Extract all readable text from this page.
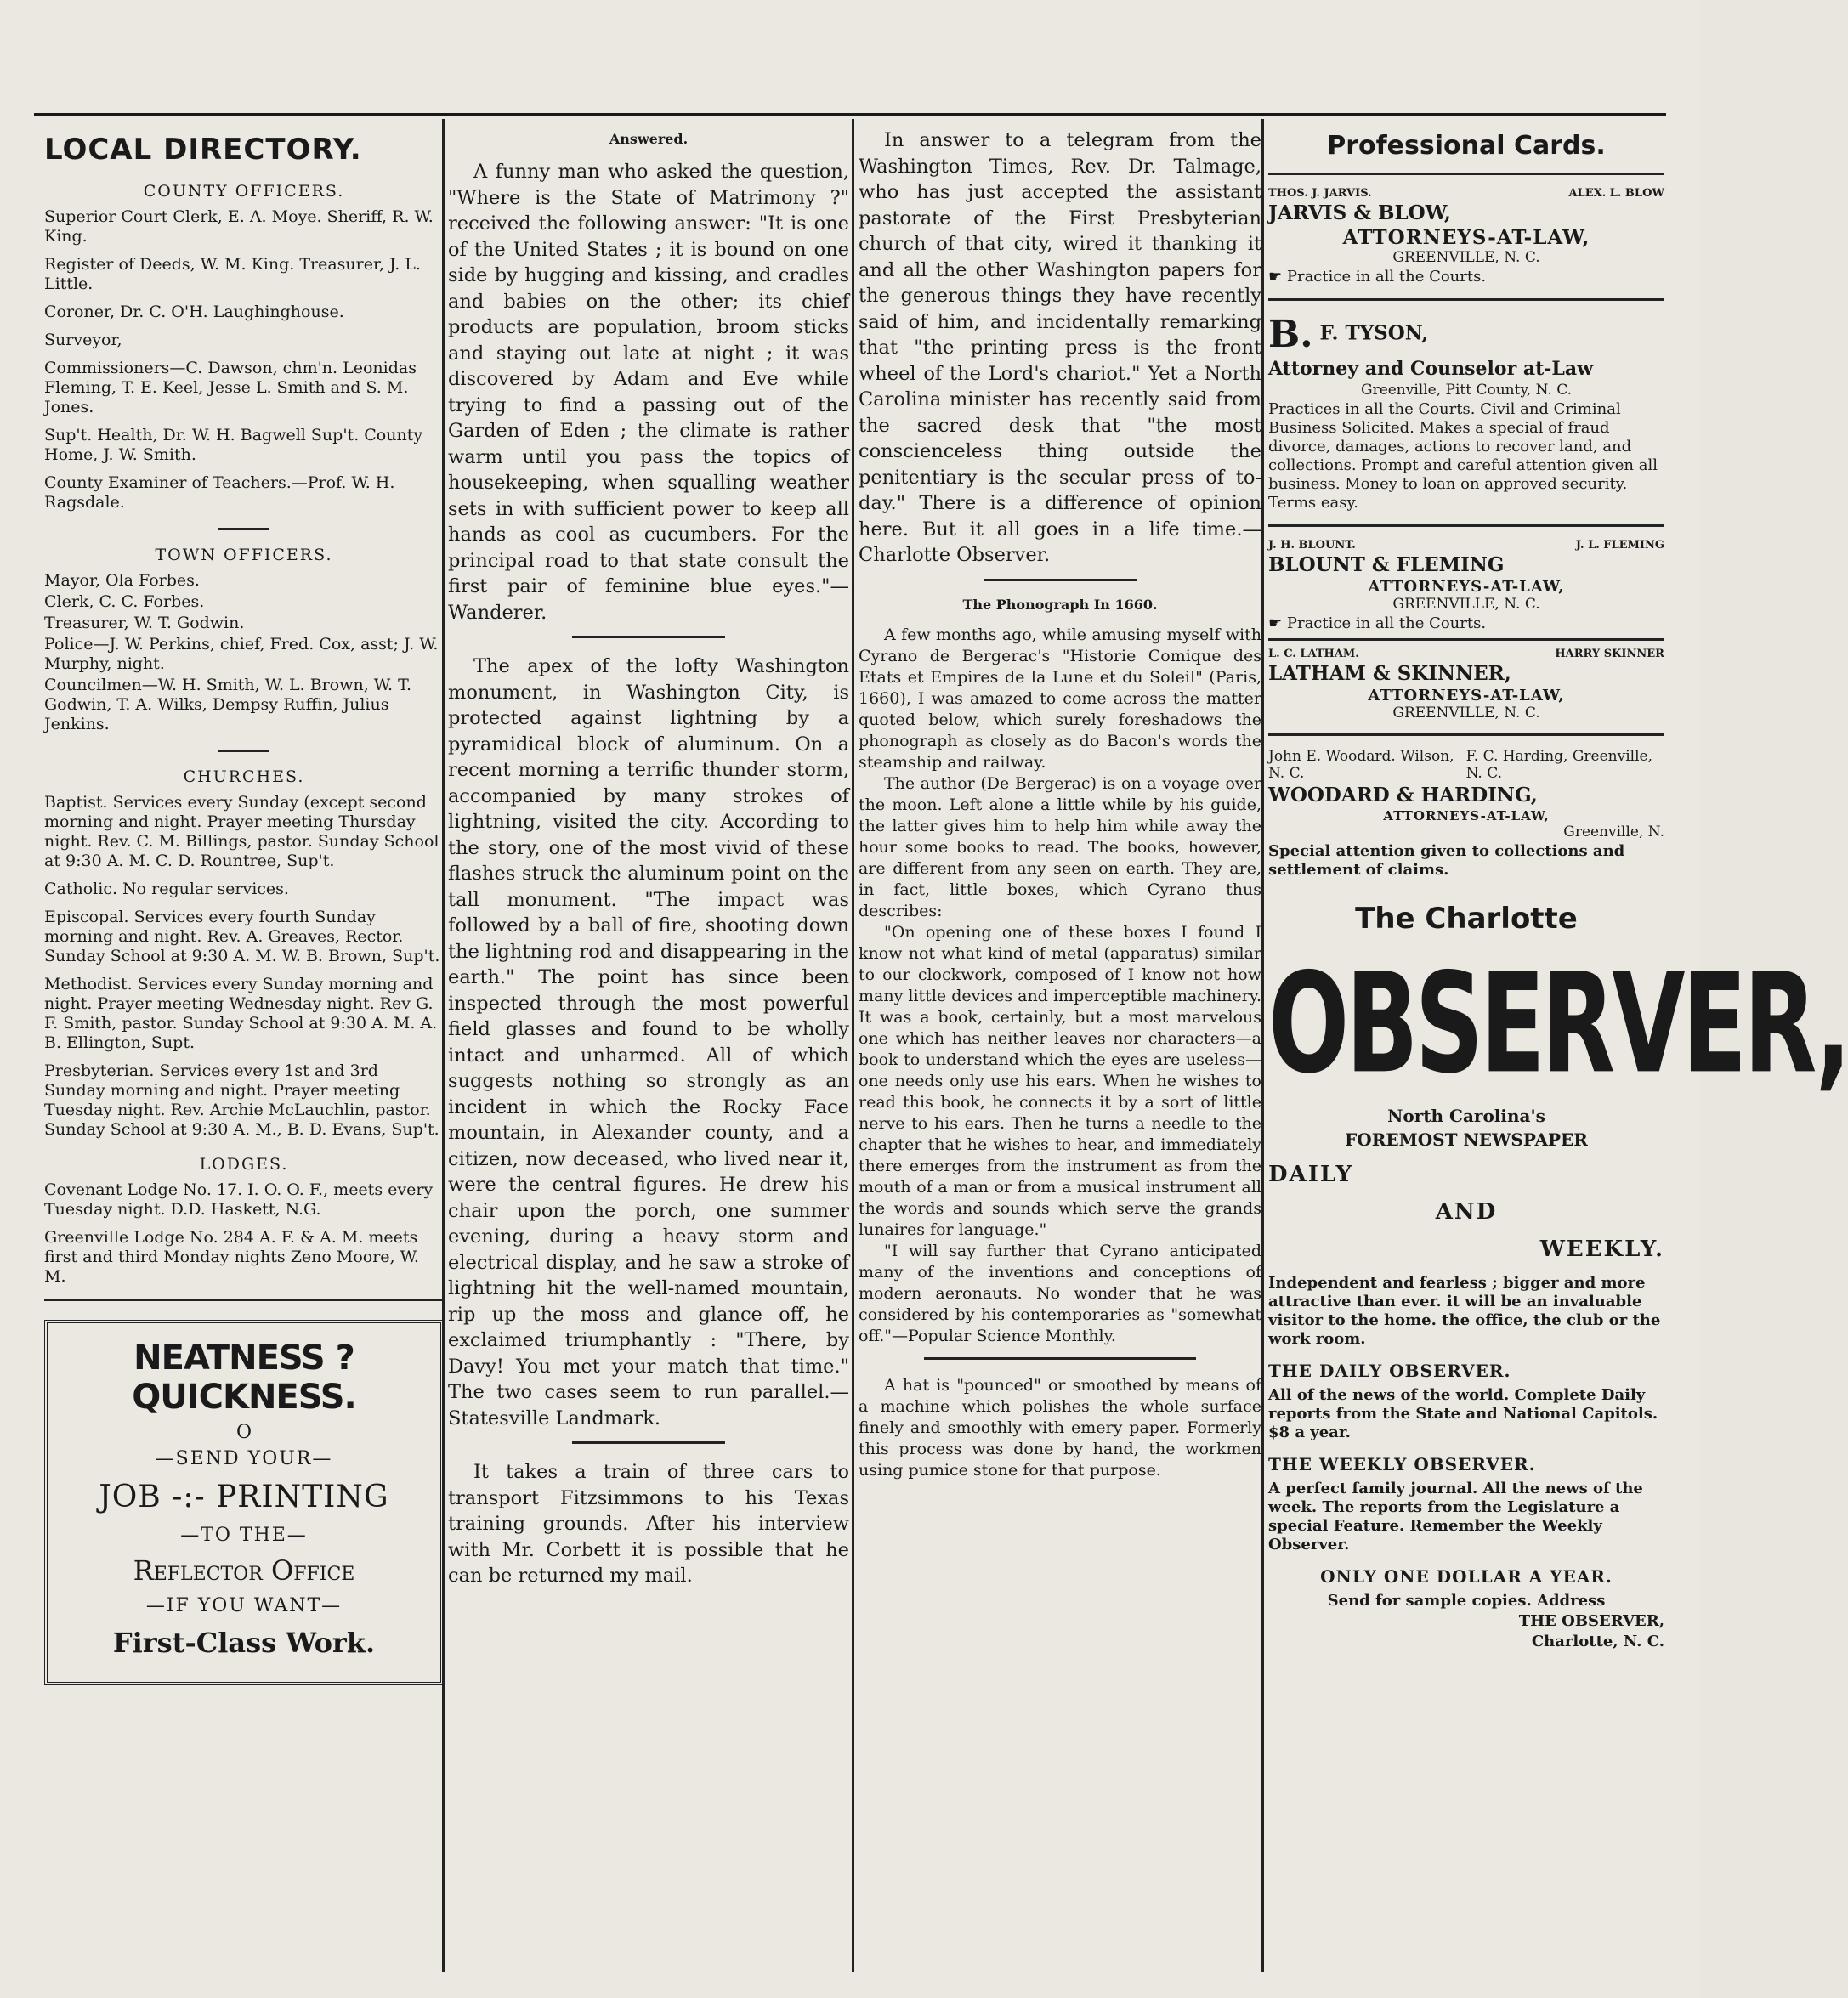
LOCAL DIRECTORY.
COUNTY OFFICERS.

Superior Court Clerk, E. A. Moye. Sheriff, R. W. King.

Register of Deeds, W. M. King. Treasurer, J. L. Little.

Coroner, Dr. C. O'H. Laughinghouse.

Surveyor,

Commissioners—C. Dawson, chm'n. Leonidas Fleming, T. E. Keel, Jesse L. Smith and S. M. Jones.

Sup't. Health, Dr. W. H. Bagwell Sup't. County Home, J. W. Smith.

County Examiner of Teachers.—Prof. W. H. Ragsdale.

TOWN OFFICERS.

Mayor, Ola Forbes.

Clerk, C. C. Forbes.

Treasurer, W. T. Godwin.

Police—J. W. Perkins, chief, Fred. Cox, asst; J. W. Murphy, night.

Councilmen—W. H. Smith, W. L. Brown, W. T. Godwin, T. A. Wilks, Dempsy Ruffin, Julius Jenkins.

CHURCHES.

Baptist. Services every Sunday (except second morning and night. Prayer meeting Thursday night. Rev. C. M. Billings, pastor. Sunday School at 9:30 A. M. C. D. Rountree, Sup't.

Catholic. No regular services.

Episcopal. Services every fourth Sunday morning and night. Rev. A. Greaves, Rector. Sunday School at 9:30 A. M. W. B. Brown, Sup't.

Methodist. Services every Sunday morning and night. Prayer meeting Wednesday night. Rev G. F. Smith, pastor. Sunday School at 9:30 A. M. A. B. Ellington, Supt.

Presbyterian. Services every 1st and 3rd Sunday morning and night. Prayer meeting Tuesday night. Rev. Archie McLauchlin, pastor. Sunday School at 9:30 A. M., B. D. Evans, Sup't.

LODGES.

Covenant Lodge No. 17. I. O. O. F., meets every Tuesday night. D.D. Haskett, N.G.

Greenville Lodge No. 284 A. F. & A. M. meets first and third Monday nights Zeno Moore, W. M.

NEATNESS ? QUICKNESS.
O
—SEND YOUR—
JOB -:- PRINTING
—TO THE—
Reflector Office
—IF YOU WANT—
First-Class Work.
Answered.

A funny man who asked the question, "Where is the State of Matrimony ?" received the following answer: "It is one of the United States ; it is bound on one side by hugging and kissing, and cradles and babies on the other; its chief products are population, broom sticks and staying out late at night ; it was discovered by Adam and Eve while trying to find a passing out of the Garden of Eden ; the climate is rather warm until you pass the topics of housekeeping, when squalling weather sets in with sufficient power to keep all hands as cool as cucumbers. For the principal road to that state consult the first pair of feminine blue eyes."— Wanderer.

The apex of the lofty Washington monument, in Washington City, is protected against lightning by a pyramidical block of aluminum. On a recent morning a terrific thunder storm, accompanied by many strokes of lightning, visited the city. According to the story, one of the most vivid of these flashes struck the aluminum point on the tall monument. "The impact was followed by a ball of fire, shooting down the lightning rod and disappearing in the earth." The point has since been inspected through the most powerful field glasses and found to be wholly intact and unharmed. All of which suggests nothing so strongly as an incident in which the Rocky Face mountain, in Alexander county, and a citizen, now deceased, who lived near it, were the central figures. He drew his chair upon the porch, one summer evening, during a heavy storm and electrical display, and he saw a stroke of lightning hit the well-named mountain, rip up the moss and glance off, he exclaimed triumphantly : "There, by Davy! You met your match that time." The two cases seem to run parallel.—Statesville Landmark.

It takes a train of three cars to transport Fitzsimmons to his Texas training grounds. After his interview with Mr. Corbett it is possible that he can be returned my mail.

In answer to a telegram from the Washington Times, Rev. Dr. Talmage, who has just accepted the assistant pastorate of the First Presbyterian church of that city, wired it thanking it and all the other Washington papers for the generous things they have recently said of him, and incidentally remarking that "the printing press is the front wheel of the Lord's chariot." Yet a North Carolina minister has recently said from the sacred desk that "the most conscienceless thing outside the penitentiary is the secular press of to-day." There is a difference of opinion here. But it all goes in a life time.—Charlotte Observer.

The Phonograph In 1660.

A few months ago, while amusing myself with Cyrano de Bergerac's "Historie Comique des Etats et Empires de la Lune et du Soleil" (Paris, 1660), I was amazed to come across the matter quoted below, which surely foreshadows the phonograph as closely as do Bacon's words the steamship and railway.

The author (De Bergerac) is on a voyage over the moon. Left alone a little while by his guide, the latter gives him to help him while away the hour some books to read. The books, however, are different from any seen on earth. They are, in fact, little boxes, which Cyrano thus describes:

"On opening one of these boxes I found I know not what kind of metal (apparatus) similar to our clockwork, composed of I know not how many little devices and imperceptible machinery. It was a book, certainly, but a most marvelous one which has neither leaves nor characters—a book to understand which the eyes are useless—one needs only use his ears. When he wishes to read this book, he connects it by a sort of little nerve to his ears. Then he turns a needle to the chapter that he wishes to hear, and immediately there emerges from the instrument as from the mouth of a man or from a musical instrument all the words and sounds which serve the grands lunaires for language."

"I will say further that Cyrano anticipated many of the inventions and conceptions of modern aeronauts. No wonder that he was considered by his contemporaries as "somewhat off."—Popular Science Monthly.

A hat is "pounced" or smoothed by means of a machine which polishes the whole surface finely and smoothly with emery paper. Formerly this process was done by hand, the workmen using pumice stone for that purpose.

Professional Cards.
THOS. J. JARVIS.	ALEX. L. BLOW
JARVIS & BLOW,
ATTORNEYS-AT-LAW,
GREENVILLE, N. C.
☛ Practice in all the Courts.
B. F. TYSON,
Attorney and Counselor at-Law
Greenville, Pitt County, N. C.
Practices in all the Courts. Civil and Criminal Business Solicited. Makes a special of fraud divorce, damages, actions to recover land, and collections. Prompt and careful attention given all business. Money to loan on approved security. Terms easy.
J. H. BLOUNT.	J. L. FLEMING
BLOUNT & FLEMING
ATTORNEYS-AT-LAW,
GREENVILLE, N. C.
☛ Practice in all the Courts.
L. C. LATHAM.	HARRY SKINNER
LATHAM & SKINNER,
ATTORNEYS-AT-LAW,
GREENVILLE, N. C.
John E. Woodard. Wilson, N. C.
F. C. Harding, Greenville, N. C.
WOODARD & HARDING,
ATTORNEYS-AT-LAW,
Greenville, N.
Special attention given to collections and settlement of claims.
The Charlotte
OBSERVER,
North Carolina's
FOREMOST NEWSPAPER
DAILY
AND
WEEKLY.
Independent and fearless ; bigger and more attractive than ever. it will be an invaluable visitor to the home. the office, the club or the work room.
THE DAILY OBSERVER.
All of the news of the world. Complete Daily reports from the State and National Capitols. $8 a year.
THE WEEKLY OBSERVER.
A perfect family journal. All the news of the week. The reports from the Legislature a special Feature. Remember the Weekly Observer.
ONLY ONE DOLLAR A YEAR.
Send for sample copies. Address
THE OBSERVER,
Charlotte, N. C.
